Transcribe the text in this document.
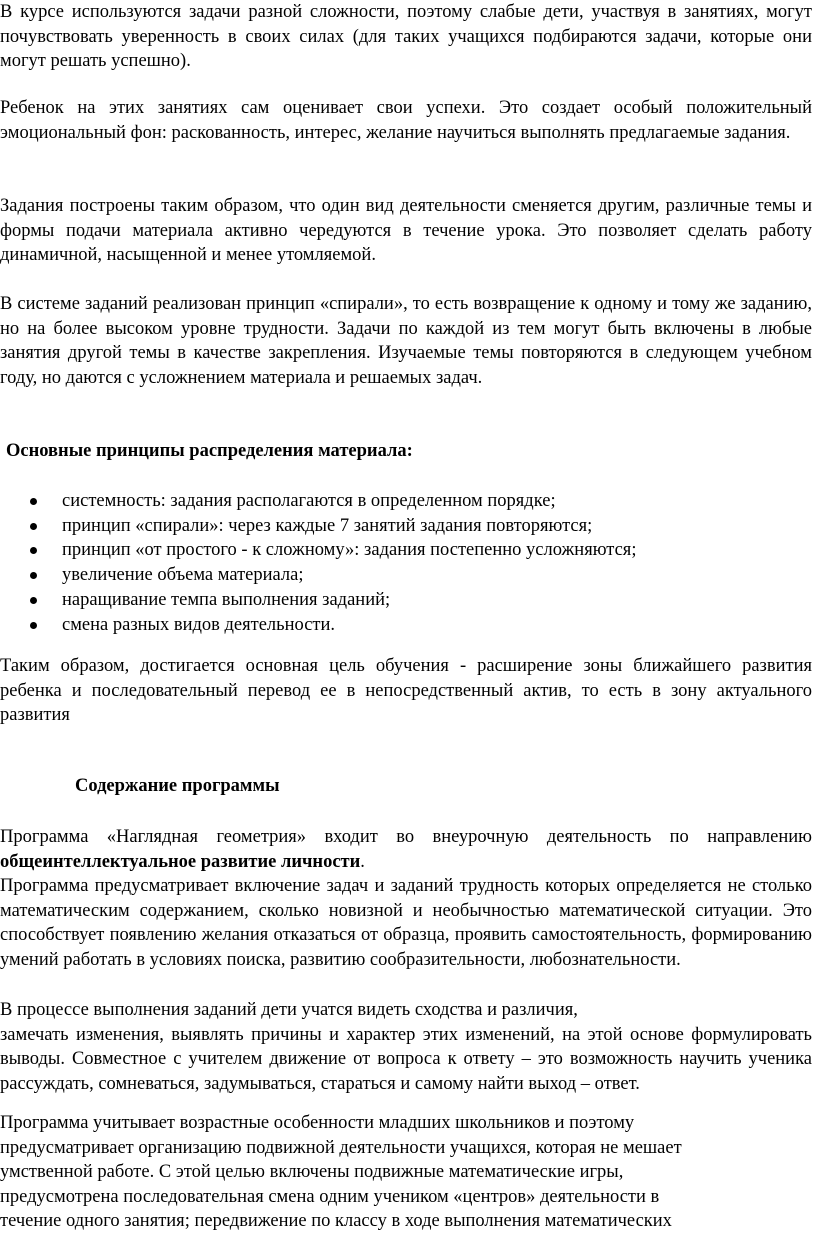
В курсе используются задачи разной сложности, поэтому слабые дети, участвуя в занятиях, могут почувствовать уверенность в своих силах (для таких учащихся подбираются задачи, которые они могут решать успешно).
Ребенок на этих занятиях сам оценивает свои успехи. Это создает особый положительный эмоциональный фон: раскованность, интерес, желание научиться выполнять предлагаемые задания.
Задания построены таким образом, что один вид деятельности сменяется другим, различные темы и формы подачи материала активно чередуются в течение урока. Это позволяет сделать работу динамичной, насыщенной и менее утомляемой.
В системе заданий реализован принцип «спирали», то есть возвращение к одному и тому же заданию, но на более высоком уровне трудности. Задачи по каждой из тем могут быть включены в любые занятия другой темы в качестве закрепления. Изучаемые темы повторяются в следующем учебном году, но даются с усложнением материала и решаемых задач.
Основные принципы распределения материала:
системность: задания располагаются в определенном порядке;
принцип «спирали»: через каждые 7 занятий задания повторяются;
принцип «от простого - к сложному»: задания постепенно усложняются;
увеличение объема материала;
наращивание темпа выполнения заданий;
смена разных видов деятельности.
Таким образом, достигается основная цель обучения - расширение зоны ближайшего развития ребенка и последовательный перевод ее в непосредственный актив, то есть в зону актуального развития
Содержание программы
Программа «Наглядная геометрия» входит во внеурочную деятельность по направлению
общеинтеллектуальное развитие личности.
Программа предусматривает включение задач и заданий трудность которых определяется не столько математическим содержанием, сколько новизной и необычностью математической ситуации. Это способствует появлению желания отказаться от образца, проявить самостоятельность, формированию умений работать в условиях поиска, развитию сообразительности, любознательности.
В процессе выполнения заданий дети учатся видеть сходства и различия,
замечать изменения, выявлять причины и характер этих изменений, на этой основе формулировать выводы. Совместное с учителем движение от вопроса к ответу – это возможность научить ученика рассуждать, сомневаться, задумываться, стараться и самому найти выход – ответ.
Программа учитывает возрастные особенности младших школьников и поэтому
предусматривает организацию подвижной деятельности учащихся, которая не мешает
умственной работе. С этой целью включены подвижные математические игры,
предусмотрена последовательная смена одним учеником «центров» деятельности в
течение одного занятия; передвижение по классу в ходе выполнения математических
